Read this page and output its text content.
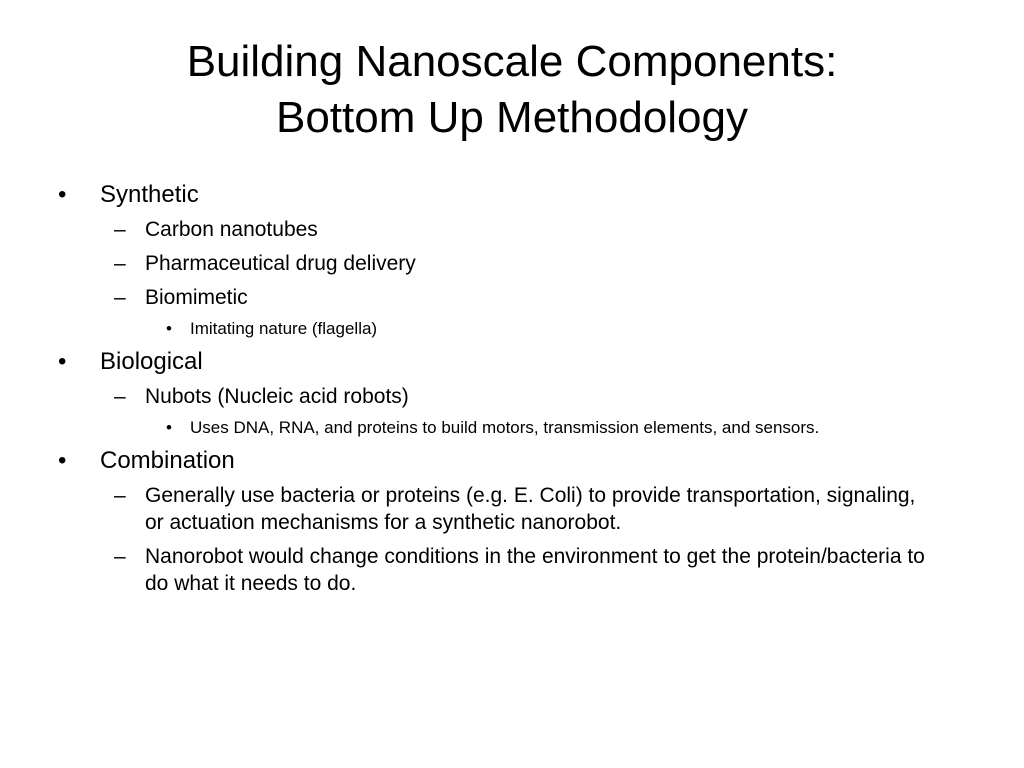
Building Nanoscale Components:
Bottom Up Methodology
•	Synthetic
– Carbon nanotubes
– Pharmaceutical drug delivery
– Biomimetic
•	Imitating nature (flagella)
•	Biological
– Nubots (Nucleic acid robots)
•	Uses DNA, RNA, and proteins to build motors, transmission elements, and sensors.
•	Combination
– Generally use bacteria or proteins (e.g. E. Coli) to provide transportation, signaling, or actuation mechanisms for a synthetic nanorobot.
– Nanorobot would change conditions in the environment to get the protein/bacteria to do what it needs to do.
